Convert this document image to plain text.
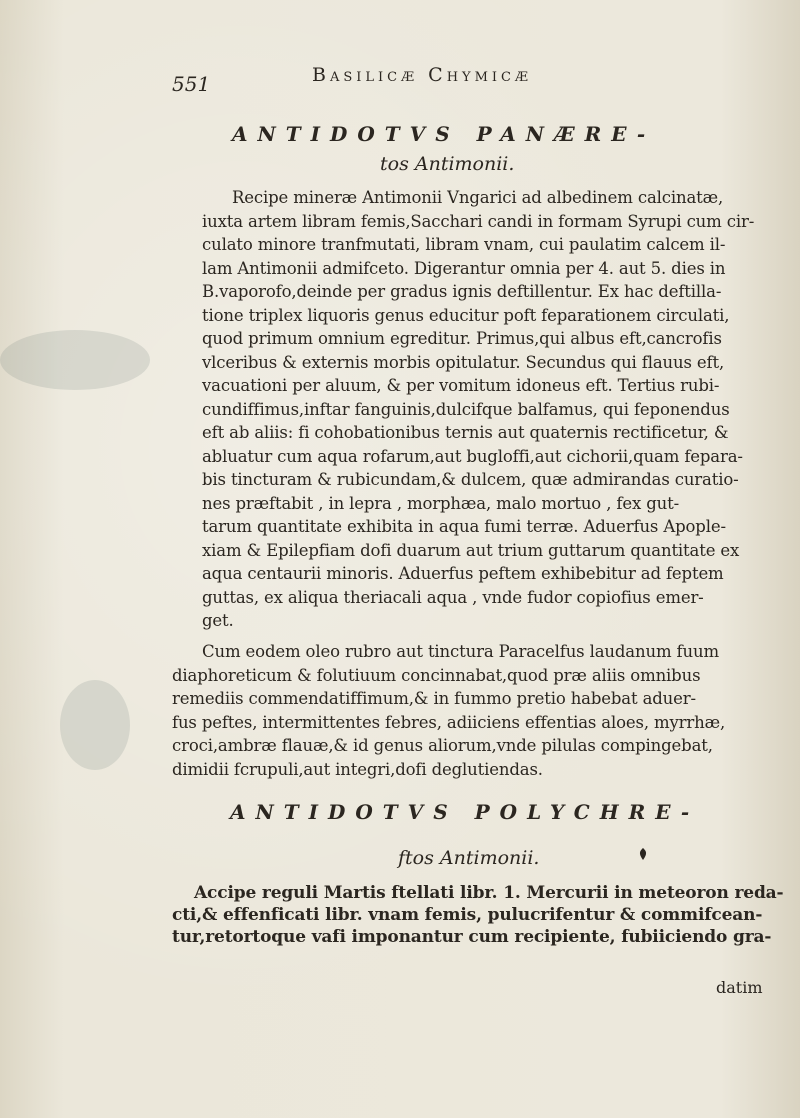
551	Basilicæ Chymicæ
ANTIDOTVS PANÆRE-
tos Antimonii.

Recipe mineræ Antimonii Vngarici ad albedinem calcinatæ,
iuxta artem libram femis,Sacchari candi in formam Syrupi cum cir-
culato minore tranfmutati, libram vnam, cui paulatim calcem il-
lam Antimonii admifceto. Digerantur omnia per 4. aut 5. dies in
B.vaporofo,deinde per gradus ignis deftillentur. Ex hac deftilla-
tione triplex liquoris genus educitur poft feparationem circulati,
quod primum omnium egreditur. Primus,qui albus eft,cancrofis
vlceribus & externis morbis opitulatur. Secundus qui flauus eft,
vacuationi per aluum, & per vomitum idoneus eft. Tertius rubi-
cundiffimus,inftar fanguinis,dulcifque balfamus, qui feponendus
eft ab aliis: fi cohobationibus ternis aut quaternis rectificetur, &
abluatur cum aqua rofarum,aut bugloffi,aut cichorii,quam fepara-
bis tincturam & rubicundam,& dulcem, quæ admirandas curatio-
nes præftabit , in lepra , morphæa, malo mortuo , fex gut-
tarum quantitate exhibita in aqua fumi terræ. Aduerfus Apople-
xiam & Epilepfiam dofi duarum aut trium guttarum quantitate ex
aqua centaurii minoris. Aduerfus peftem exhibebitur ad feptem
guttas, ex aliqua theriacali aqua , vnde fudor copiofius emer-
get.

Cum eodem oleo rubro aut tinctura Paracelfus laudanum fuum
diaphoreticum & folutiuum concinnabat,quod præ aliis omnibus
remediis commendatiffimum,& in fummo pretio habebat aduer-
fus peftes, intermittentes febres, adiiciens effentias aloes, myrrhæ,
croci,ambræ flauæ,& id genus aliorum,vnde pilulas compingebat,
dimidii fcrupuli,aut integri,dofi deglutiendas.

ANTIDOTVS POLYCHRE-
ftos Antimonii.

Accipe reguli Martis ftellati libr. 1. Mercurii in meteoron reda-
cti,& effenficati libr. vnam femis, pulucrifentur & commifcean-
tur,retortoque vafi imponantur cum recipiente, fubiiciendo gra-

datim
